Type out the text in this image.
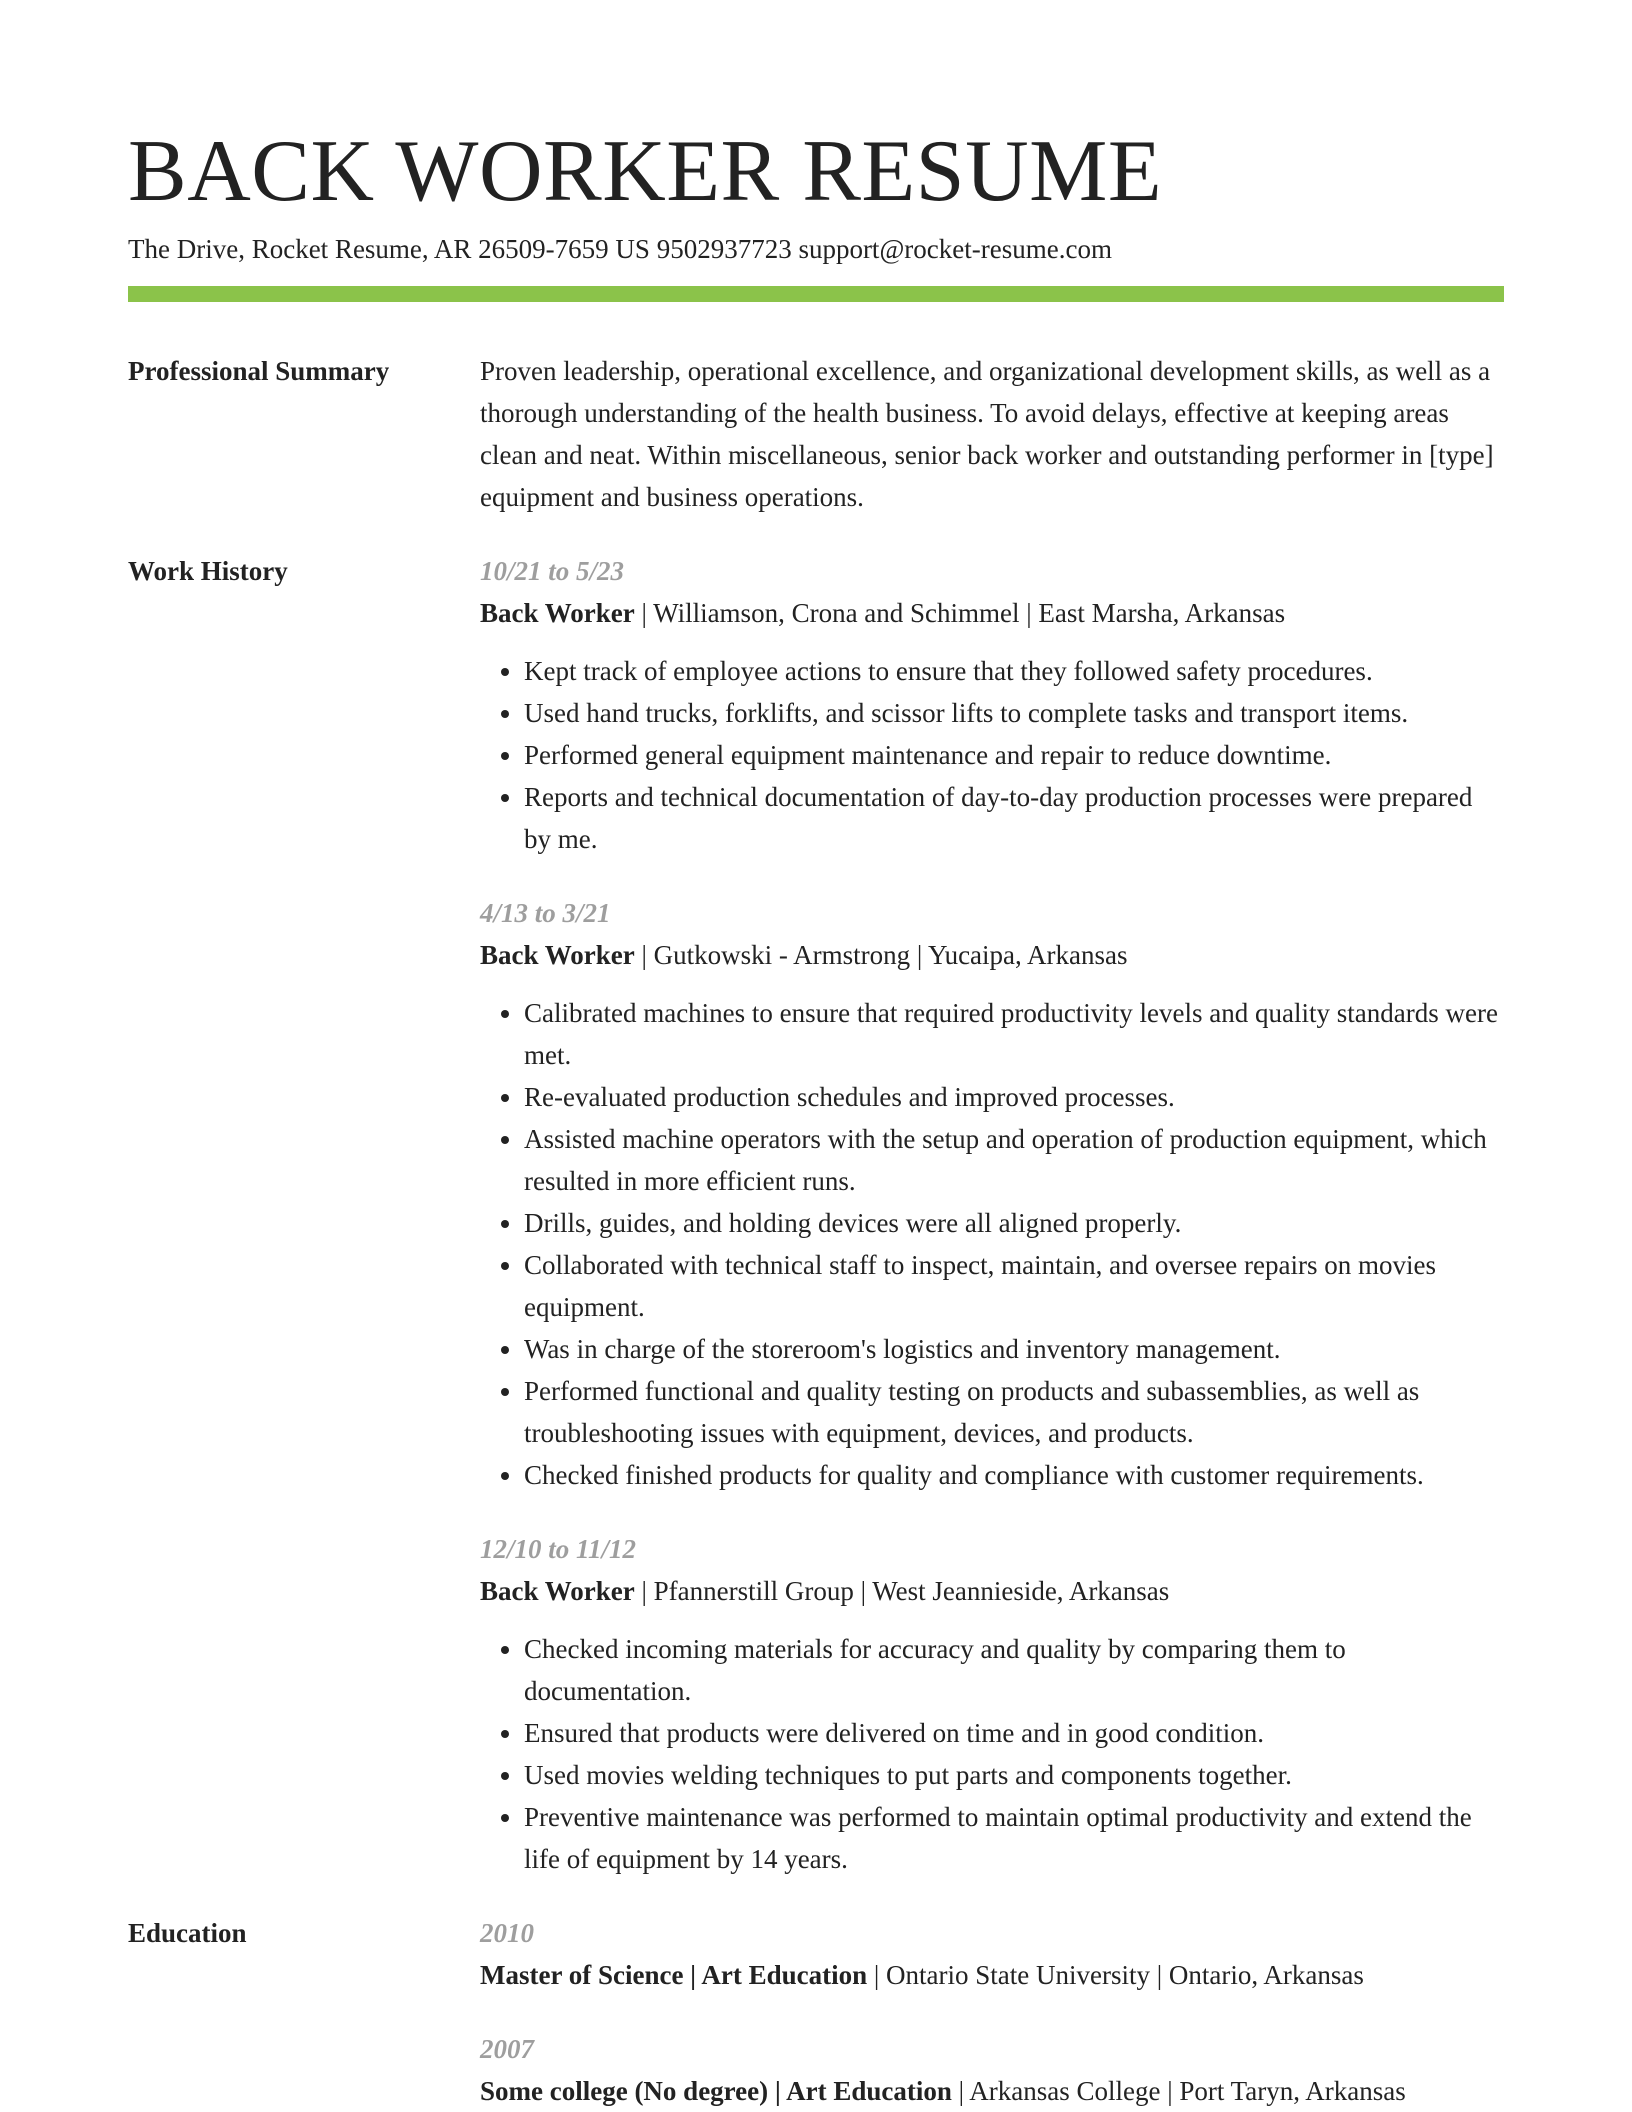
BACK WORKER RESUME
The Drive, Rocket Resume, AR 26509-7659 US 9502937723 support@rocket-resume.com
Professional Summary	Proven leadership, operational excellence, and organizational development skills, as well as a thorough understanding of the health business. To avoid delays, effective at keeping areas clean and neat. Within miscellaneous, senior back worker and outstanding performer in [type] equipment and business operations.

Work History	10/21 to 5/23
Back Worker | Williamson, Crona and Schimmel | East Marsha, Arkansas
• Kept track of employee actions to ensure that they followed safety procedures.
• Used hand trucks, forklifts, and scissor lifts to complete tasks and transport items.
• Performed general equipment maintenance and repair to reduce downtime.
• Reports and technical documentation of day-to-day production processes were prepared by me.
4/13 to 3/21
Back Worker | Gutkowski - Armstrong | Yucaipa, Arkansas
• Calibrated machines to ensure that required productivity levels and quality standards were met.
• Re-evaluated production schedules and improved processes.
• Assisted machine operators with the setup and operation of production equipment, which resulted in more efficient runs.
• Drills, guides, and holding devices were all aligned properly.
• Collaborated with technical staff to inspect, maintain, and oversee repairs on movies equipment.
• Was in charge of the storeroom's logistics and inventory management.
• Performed functional and quality testing on products and subassemblies, as well as troubleshooting issues with equipment, devices, and products.
• Checked finished products for quality and compliance with customer requirements.
12/10 to 11/12
Back Worker | Pfannerstill Group | West Jeannieside, Arkansas
• Checked incoming materials for accuracy and quality by comparing them to documentation.
• Ensured that products were delivered on time and in good condition.
• Used movies welding techniques to put parts and components together.
• Preventive maintenance was performed to maintain optimal productivity and extend the life of equipment by 14 years.
Education	2010
Master of Science | Art Education | Ontario State University | Ontario, Arkansas
2007
Some college (No degree) | Art Education | Arkansas College | Port Taryn, Arkansas
